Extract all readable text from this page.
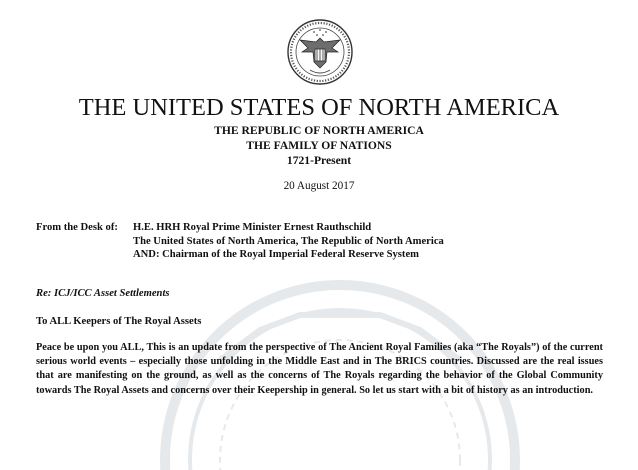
THE UNITED STATES OF NORTH AMERICA
THE REPUBLIC OF NORTH AMERICA
THE FAMILY OF NATIONS
1721-Present
20 August 2017
From the Desk of: H.E. HRH Royal Prime Minister Ernest Rauthschild
The United States of North America, The Republic of North America
AND: Chairman of the Royal Imperial Federal Reserve System
Re: ICJ/ICC Asset Settlements
To ALL Keepers of The Royal Assets
Peace be upon you ALL, This is an update from the perspective of The Ancient Royal Families (aka “The Royals”) of the current serious world events – especially those unfolding in the Middle East and in The BRICS countries. Discussed are the real issues that are manifesting on the ground, as well as the concerns of The Royals regarding the behavior of the Global Community towards The Royal Assets and concerns over their Keepership in general. So let us start with a bit of history as an introduction.
